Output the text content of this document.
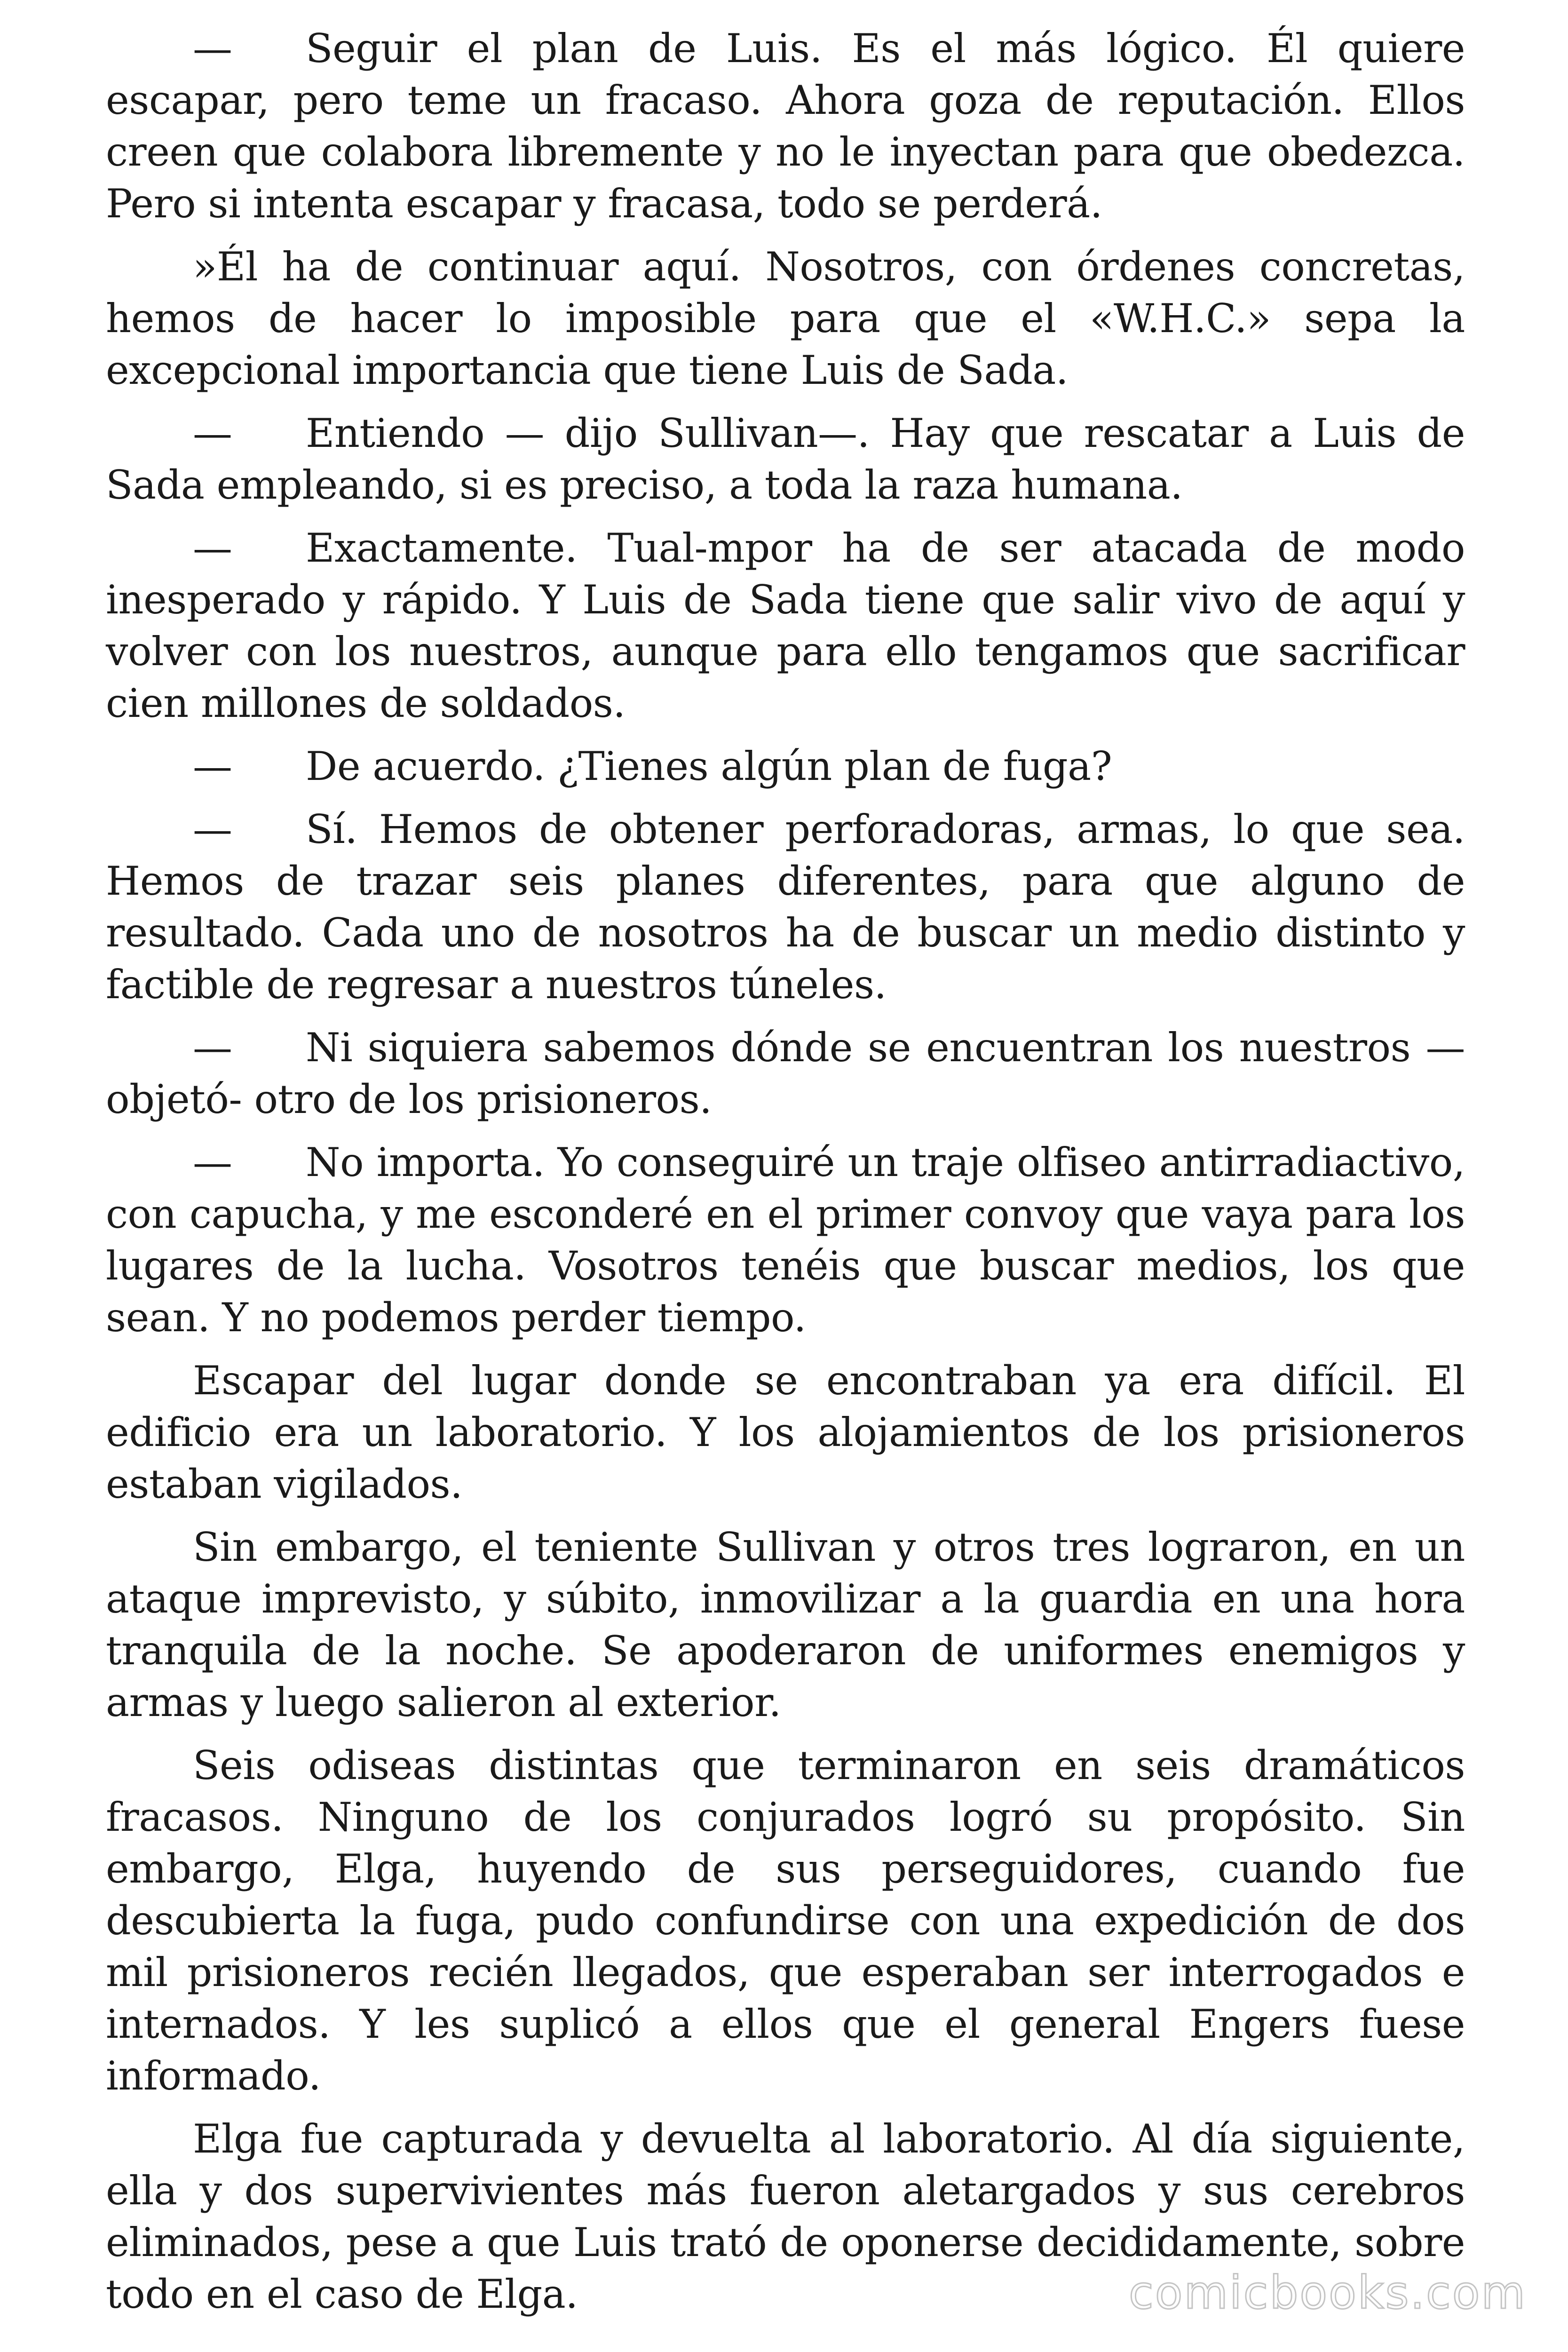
— Seguir el plan de Luis. Es el más lógico. Él quiere escapar, pero teme un fracaso. Ahora goza de reputación. Ellos creen que colabora libremente y no le inyectan para que obedezca. Pero si intenta escapar y fracasa, todo se perderá.

»Él ha de continuar aquí. Nosotros, con órdenes concretas, hemos de hacer lo imposible para que el «W.H.C.» sepa la excepcional importancia que tiene Luis de Sada.

— Entiendo — dijo Sullivan—. Hay que rescatar a Luis de Sada empleando, si es preciso, a toda la raza humana.

— Exactamente. Tual-mpor ha de ser atacada de modo inesperado y rápido. Y Luis de Sada tiene que salir vivo de aquí y volver con los nuestros, aunque para ello tengamos que sacrificar cien millones de soldados.

— De acuerdo. ¿Tienes algún plan de fuga?

— Sí. Hemos de obtener perforadoras, armas, lo que sea. Hemos de trazar seis planes diferentes, para que alguno de resultado. Cada uno de nosotros ha de buscar un medio distinto y factible de regresar a nuestros túneles.

— Ni siquiera sabemos dónde se encuentran los nuestros — objetó- otro de los prisioneros.

— No importa. Yo conseguiré un traje olfiseo antirradiactivo, con capucha, y me esconderé en el primer convoy que vaya para los lugares de la lucha. Vosotros tenéis que buscar medios, los que sean. Y no podemos perder tiempo.

Escapar del lugar donde se encontraban ya era difícil. El edificio era un laboratorio. Y los alojamientos de los prisioneros estaban vigilados.

Sin embargo, el teniente Sullivan y otros tres lograron, en un ataque imprevisto, y súbito, inmovilizar a la guardia en una hora tranquila de la noche. Se apoderaron de uniformes enemigos y armas y luego salieron al exterior.

Seis odiseas distintas que terminaron en seis dramáticos fracasos. Ninguno de los conjurados logró su propósito. Sin embargo, Elga, huyendo de sus perseguidores, cuando fue descubierta la fuga, pudo confundirse con una expedición de dos mil prisioneros recién llegados, que esperaban ser interrogados e internados. Y les suplicó a ellos que el general Engers fuese informado.

Elga fue capturada y devuelta al laboratorio. Al día siguiente, ella y dos supervivientes más fueron aletargados y sus cerebros eliminados, pese a que Luis trató de oponerse decididamente, sobre todo en el caso de Elga.	comicbooks.com
